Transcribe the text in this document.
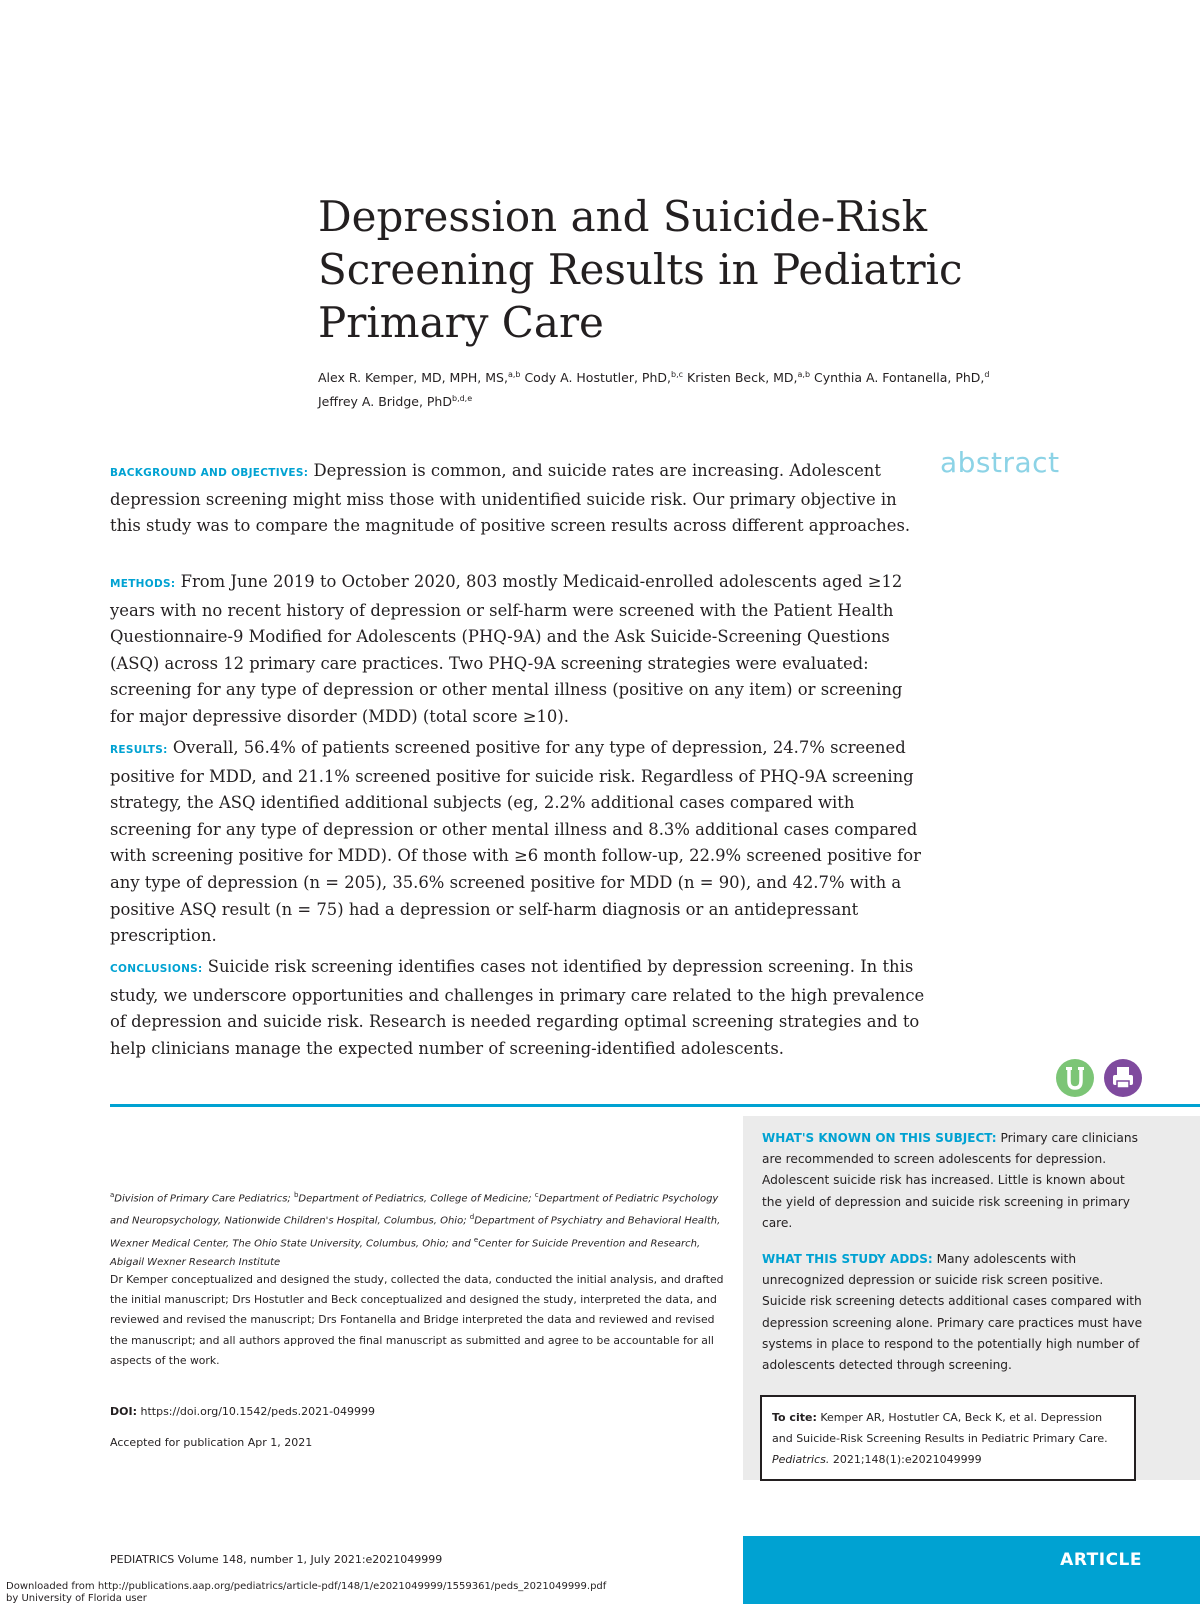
Depression and Suicide-Risk
Screening Results in Pediatric
Primary Care
Alex R. Kemper, MD, MPH, MS,$^{a,b}$ Cody A. Hostutler, PhD,$^{b,c}$ Kristen Beck, MD,$^{a,b}$ Cynthia A. Fontanella, PhD,$^d$
Jeffrey A. Bridge, PhD$^{b,d,e}$
abstract
BACKGROUND AND OBJECTIVES: Depression is common, and suicide rates are increasing. Adolescent depression screening might miss those with unidentified suicide risk. Our primary objective in this study was to compare the magnitude of positive screen results across different approaches.
METHODS: From June 2019 to October 2020, 803 mostly Medicaid-enrolled adolescents aged ≥12 years with no recent history of depression or self-harm were screened with the Patient Health Questionnaire-9 Modified for Adolescents (PHQ-9A) and the Ask Suicide-Screening Questions (ASQ) across 12 primary care practices. Two PHQ-9A screening strategies were evaluated: screening for any type of depression or other mental illness (positive on any item) or screening for major depressive disorder (MDD) (total score ≥10).
RESULTS: Overall, 56.4% of patients screened positive for any type of depression, 24.7% screened positive for MDD, and 21.1% screened positive for suicide risk. Regardless of PHQ-9A screening strategy, the ASQ identified additional subjects (eg, 2.2% additional cases compared with screening for any type of depression or other mental illness and 8.3% additional cases compared with screening positive for MDD). Of those with ≥6 month follow-up, 22.9% screened positive for any type of depression (n = 205), 35.6% screened positive for MDD (n = 90), and 42.7% with a positive ASQ result (n = 75) had a depression or self-harm diagnosis or an antidepressant prescription.
CONCLUSIONS: Suicide risk screening identifies cases not identified by depression screening. In this study, we underscore opportunities and challenges in primary care related to the high prevalence of depression and suicide risk. Research is needed regarding optimal screening strategies and to help clinicians manage the expected number of screening-identified adolescents.
$^a$Division of Primary Care Pediatrics; $^b$Department of Pediatrics, College of Medicine; $^c$Department of Pediatric Psychology and Neuropsychology, Nationwide Children's Hospital, Columbus, Ohio; $^d$Department of Psychiatry and Behavioral Health, Wexner Medical Center, The Ohio State University, Columbus, Ohio; and $^e$Center for Suicide Prevention and Research, Abigail Wexner Research Institute
Dr Kemper conceptualized and designed the study, collected the data, conducted the initial analysis, and drafted the initial manuscript; Drs Hostutler and Beck conceptualized and designed the study, interpreted the data, and reviewed and revised the manuscript; Drs Fontanella and Bridge interpreted the data and reviewed and revised the manuscript; and all authors approved the final manuscript as submitted and agree to be accountable for all aspects of the work.
DOI: https://doi.org/10.1542/peds.2021-049999
Accepted for publication Apr 1, 2021
WHAT'S KNOWN ON THIS SUBJECT: Primary care clinicians are recommended to screen adolescents for depression. Adolescent suicide risk has increased. Little is known about the yield of depression and suicide risk screening in primary care.
WHAT THIS STUDY ADDS: Many adolescents with unrecognized depression or suicide risk screen positive. Suicide risk screening detects additional cases compared with depression screening alone. Primary care practices must have systems in place to respond to the potentially high number of adolescents detected through screening.
To cite: Kemper AR, Hostutler CA, Beck K, et al. Depression and Suicide-Risk Screening Results in Pediatric Primary Care. Pediatrics. 2021;148(1):e2021049999
PEDIATRICS Volume 148, number 1, July 2021:e2021049999	ARTICLE
Downloaded from http://publications.aap.org/pediatrics/article-pdf/148/1/e2021049999/1559361/peds_2021049999.pdf
by University of Florida user
